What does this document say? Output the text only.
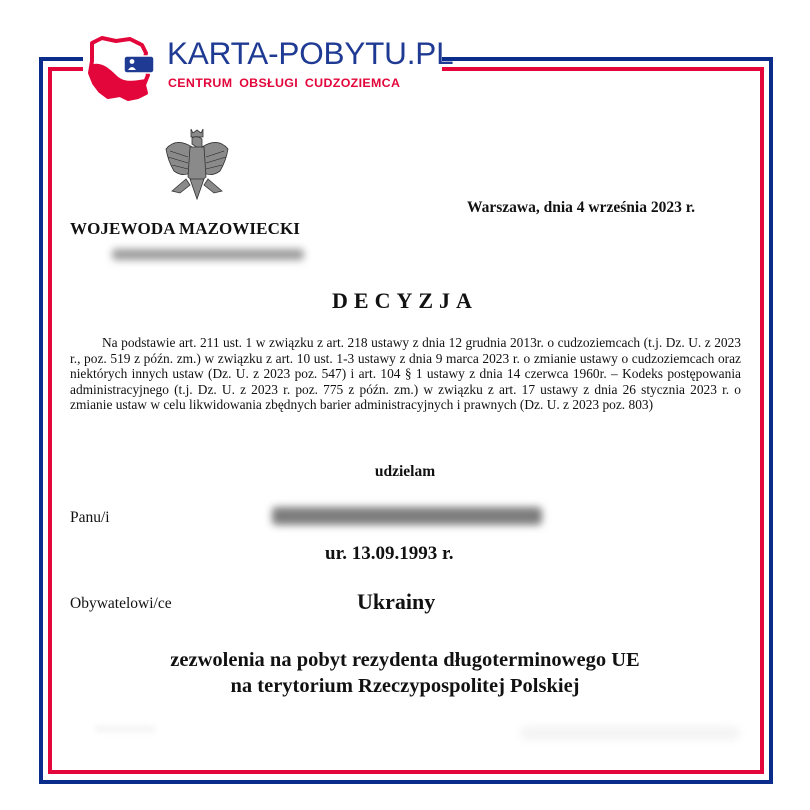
KARTA-POBYTU.PL
CENTRUM OBSŁUGI CUDZOZIEMCA
WOJEWODA MAZOWIECKI
Warszawa, dnia 4 września 2023 r.
DECYZJA
Na podstawie art. 211 ust. 1 w związku z art. 218 ustawy z dnia 12 grudnia 2013r. o cudzoziemcach (t.j. Dz. U. z 2023 r., poz. 519 z późn. zm.) w związku z art. 10 ust. 1-3 ustawy z dnia 9 marca 2023 r. o zmianie ustawy o cudzoziemcach oraz niektórych innych ustaw (Dz. U. z 2023 poz. 547) i art. 104 § 1 ustawy z dnia 14 czerwca 1960r. – Kodeks postępowania administracyjnego (t.j. Dz. U. z 2023 r. poz. 775 z późn. zm.) w związku z art. 17 ustawy z dnia 26 stycznia 2023 r. o zmianie ustaw w celu likwidowania zbędnych barier administracyjnych i prawnych (Dz. U. z 2023 poz. 803)
udzielam
Panu/i
ur. 13.09.1993 r.
Obywatelowi/ce	Ukrainy
zezwolenia na pobyt rezydenta długoterminowego UE
na terytorium Rzeczypospolitej Polskiej
